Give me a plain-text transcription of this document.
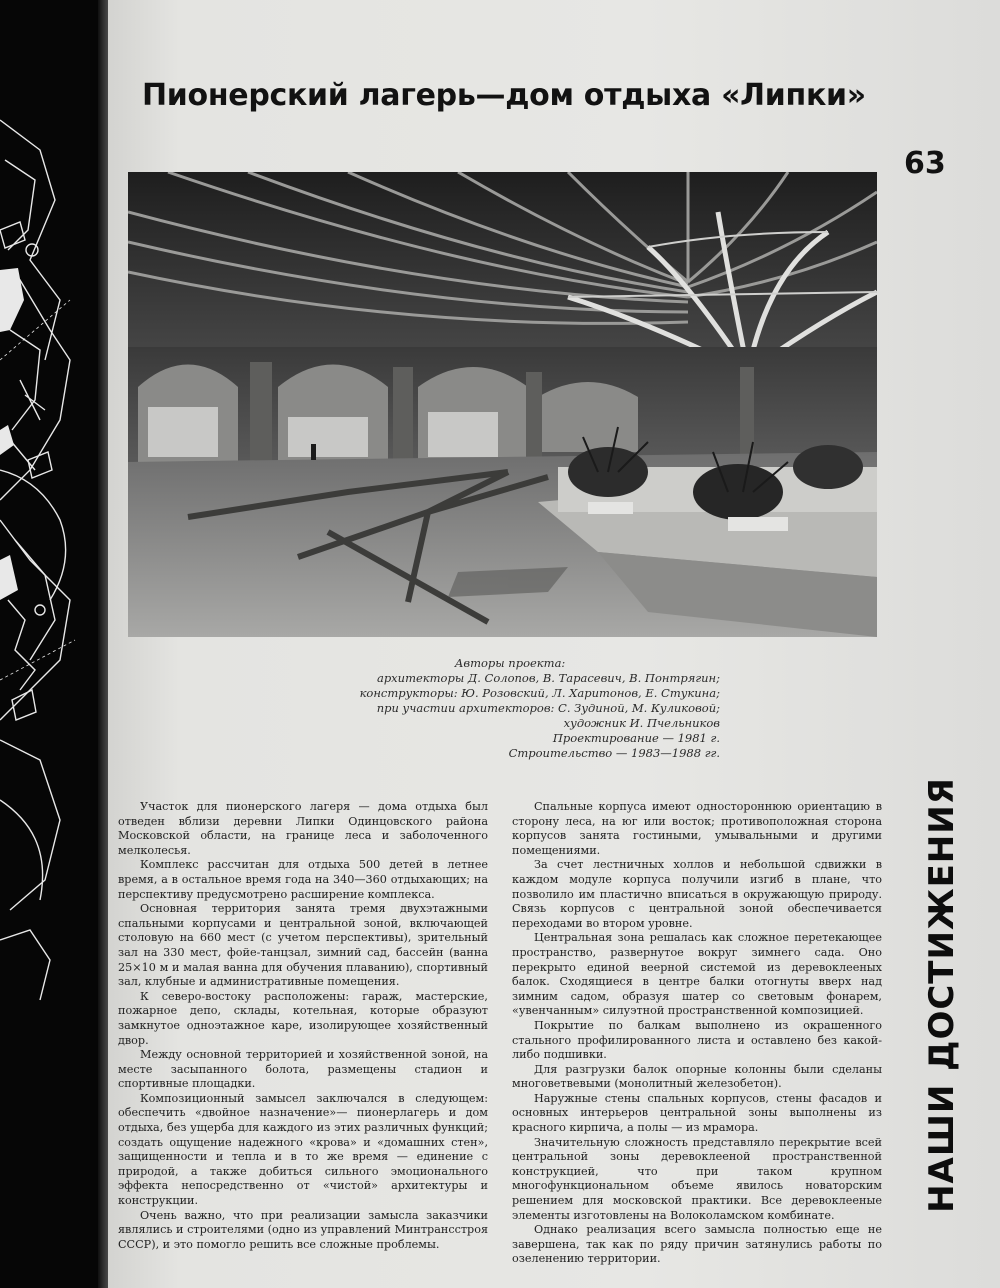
Пионерский лагерь—дом отдыха «Липки»
63
Авторы проекта:
архитекторы Д. Солопов, В. Тарасевич, В. Понтрягин;
конструкторы: Ю. Розовский, Л. Харитонов, Е. Стукина;
при участии архитекторов: С. Зудиной, М. Куликовой;
художник И. Пчельников
Проектирование — 1981 г.
Строительство — 1983—1988 гг.

Участок для пионерского лагеря — дома отдыха был отведен вблизи деревни Липки Одинцовского района Московской области, на границе леса и заболоченного мелколесья.

Комплекс рассчитан для отдыха 500 детей в летнее время, а в остальное время года на 340—360 отдыхающих; на перспективу предусмотрено расширение комплекса.

Основная территория занята тремя двухэтажными спальными корпусами и центральной зоной, включающей столовую на 660 мест (с учетом перспективы), зрительный зал на 330 мест, фойе-танцзал, зимний сад, бассейн (ванна 25×10 м и малая ванна для обучения плаванию), спортивный зал, клубные и административные помещения.

К северо-востоку расположены: гараж, мастерские, пожарное депо, склады, котельная, которые образуют замкнутое одноэтажное каре, изолирующее хозяйственный двор.

Между основной территорией и хозяйственной зоной, на месте засыпанного болота, размещены стадион и спортивные площадки.

Композиционный замысел заключался в следующем: обеспечить «двойное назначение»— пионерлагерь и дом отдыха, без ущерба для каждого из этих различных функций; создать ощущение надежного «крова» и «домашних стен», защищенности и тепла и в то же время — единение с природой, а также добиться сильного эмоционального эффекта непосредственно от «чистой» архитектуры и конструкции.

Очень важно, что при реализации замысла заказчики являлись и строителями (одно из управлений Минтрансстроя СССР), и это помогло решить все сложные проблемы.

Спальные корпуса имеют одностороннюю ориентацию в сторону леса, на юг или восток; противоположная сторона корпусов занята гостиными, умывальными и другими помещениями.

За счет лестничных холлов и небольшой сдвижки в каждом модуле корпуса получили изгиб в плане, что позволило им пластично вписаться в окружающую природу. Связь корпусов с центральной зоной обеспечивается переходами во втором уровне.

Центральная зона решалась как сложное перетекающее пространство, развернутое вокруг зимнего сада. Оно перекрыто единой веерной системой из деревоклееных балок. Сходящиеся в центре балки отогнуты вверх над зимним садом, образуя шатер со световым фонарем, «увенчанным» силуэтной пространственной композицией.

Покрытие по балкам выполнено из окрашенного стального профилированного листа и оставлено без какой-либо подшивки.

Для разгрузки балок опорные колонны были сделаны многоветвевыми (монолитный железобетон).

Наружные стены спальных корпусов, стены фасадов и основных интерьеров центральной зоны выполнены из красного кирпича, а полы — из мрамора.

Значительную сложность представляло перекрытие всей центральной зоны деревоклееной пространственной конструкцией, что при таком крупном многофункциональном объеме явилось новаторским решением для московской практики. Все деревоклееные элементы изготовлены на Волоколамском комбинате.

Однако реализация всего замысла полностью еще не завершена, так как по ряду причин затянулись работы по озеленению территории.

НАШИ ДОСТИЖЕНИЯ
